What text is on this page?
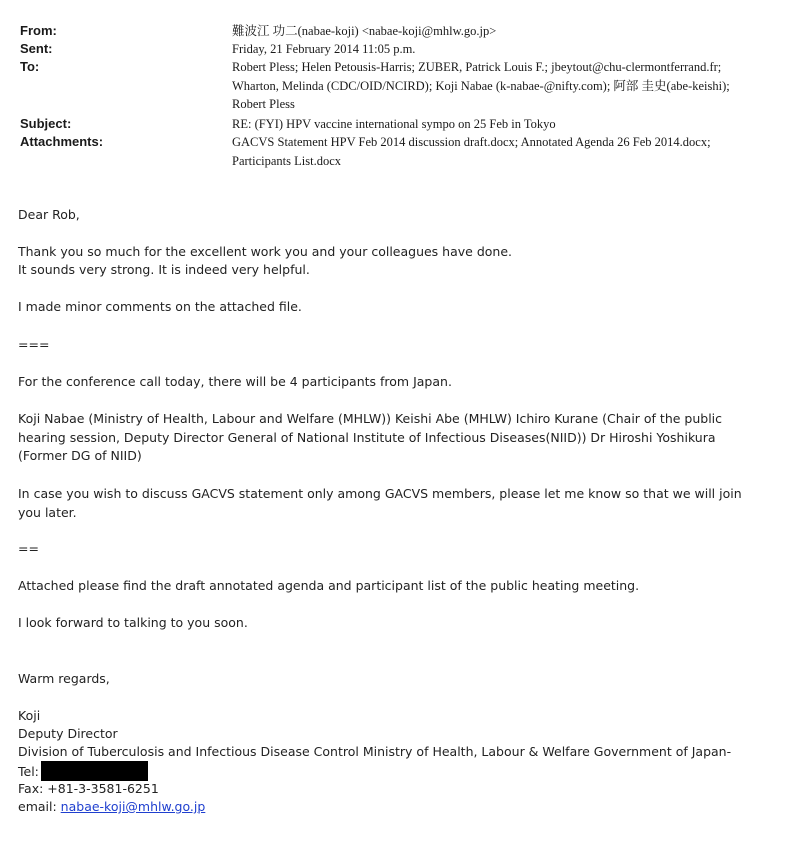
From:	難波江 功二(nabae-koji) <nabae-koji@mhlw.go.jp>
Sent:	Friday, 21 February 2014 11:05 p.m.
To:	Robert Pless; Helen Petousis-Harris; ZUBER, Patrick Louis F.; jbeytout@chu-clermontferrand.fr; Wharton, Melinda (CDC/OID/NCIRD); Koji Nabae (k-nabae-@nifty.com); 阿部 圭史(abe-keishi); Robert Pless
Subject:	RE: (FYI) HPV vaccine international sympo on 25 Feb in Tokyo
Attachments:	GACVS Statement HPV Feb 2014 discussion draft.docx; Annotated Agenda 26 Feb 2014.docx; Participants List.docx
Dear Rob,
Thank you so much for the excellent work you and your colleagues have done.
It sounds very strong. It is indeed very helpful.
I made minor comments on the attached file.
===
For the conference call today, there will be 4 participants from Japan.
Koji Nabae (Ministry of Health, Labour and Welfare (MHLW)) Keishi Abe (MHLW) Ichiro Kurane (Chair of the public hearing session, Deputy Director General of National Institute of Infectious Diseases(NIID)) Dr Hiroshi Yoshikura (Former DG of NIID)
In case you wish to discuss GACVS statement only among GACVS members, please let me know so that we will join you later.
==
Attached please find the draft annotated agenda and participant list of the public heating meeting.
I look forward to talking to you soon.
Warm regards,
Koji
Deputy Director
Division of Tuberculosis and Infectious Disease Control Ministry of Health, Labour & Welfare Government of Japan-
Tel:
Fax: +81-3-3581-6251
email: nabae-koji@mhlw.go.jp
